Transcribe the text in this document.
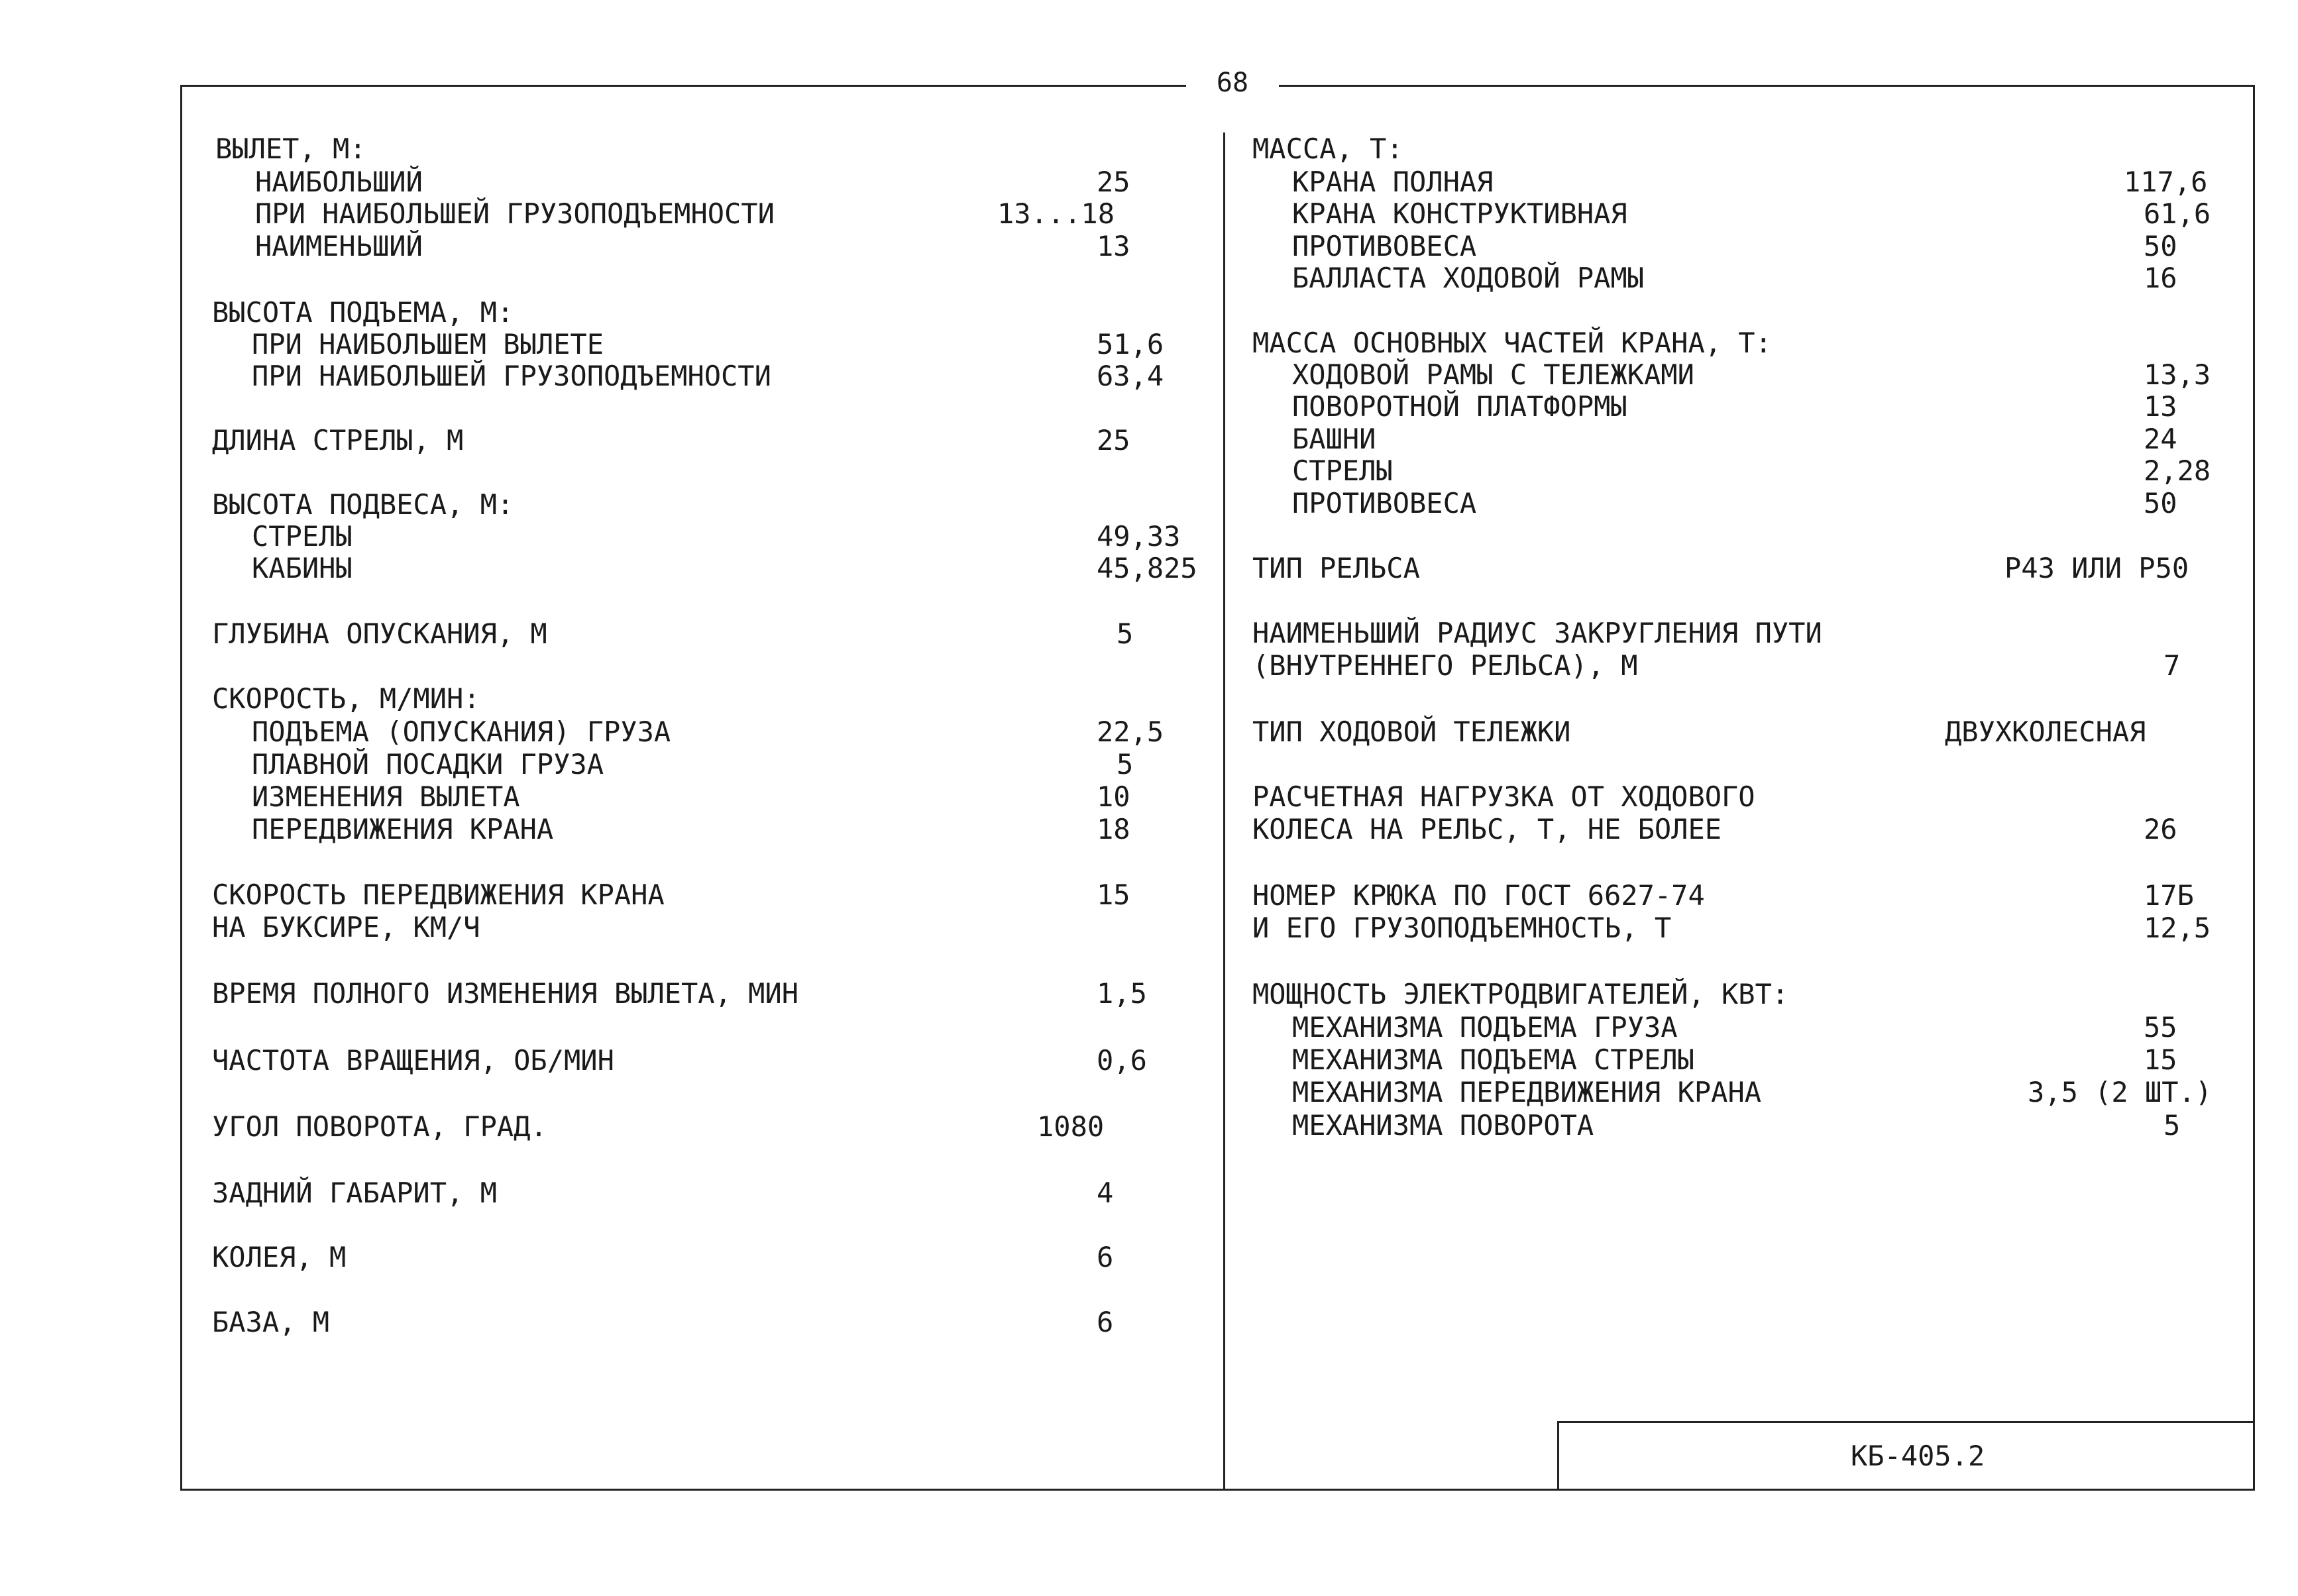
68
ВЫЛЕТ, М:
НАИБОЛЬШИЙ	25
ПРИ НАИБОЛЬШЕЙ ГРУЗОПОДЪЕМНОСТИ	13...18
НАИМЕНЬШИЙ	13
ВЫСОТА ПОДЪЕМА, М:
ПРИ НАИБОЛЬШЕМ ВЫЛЕТЕ	51,6
ПРИ НАИБОЛЬШЕЙ ГРУЗОПОДЪЕМНОСТИ	63,4
ДЛИНА СТРЕЛЫ, М	25
ВЫСОТА ПОДВЕСА, М:
СТРЕЛЫ	49,33
КАБИНЫ	45,825
ГЛУБИНА ОПУСКАНИЯ, М	5
СКОРОСТЬ, М/МИН:
ПОДЪЕМА (ОПУСКАНИЯ) ГРУЗА	22,5
ПЛАВНОЙ ПОСАДКИ ГРУЗА	5
ИЗМЕНЕНИЯ ВЫЛЕТА	10
ПЕРЕДВИЖЕНИЯ КРАНА	18
СКОРОСТЬ ПЕРЕДВИЖЕНИЯ КРАНА	15
НА БУКСИРЕ, КМ/Ч
ВРЕМЯ ПОЛНОГО ИЗМЕНЕНИЯ ВЫЛЕТА, МИН	1,5
ЧАСТОТА ВРАЩЕНИЯ, ОБ/МИН	0,6
УГОЛ ПОВОРОТА, ГРАД.	1080
ЗАДНИЙ ГАБАРИТ, М	4
КОЛЕЯ, М	6
БАЗА, М	6
МАССА, Т:
КРАНА ПОЛНАЯ	117,6
КРАНА КОНСТРУКТИВНАЯ	61,6
ПРОТИВОВЕСА	50
БАЛЛАСТА ХОДОВОЙ РАМЫ	16
МАССА ОСНОВНЫХ ЧАСТЕЙ КРАНА, Т:
ХОДОВОЙ РАМЫ С ТЕЛЕЖКАМИ	13,3
ПОВОРОТНОЙ ПЛАТФОРМЫ	13
БАШНИ	24
СТРЕЛЫ	2,28
ПРОТИВОВЕСА	50
ТИП РЕЛЬСА	Р43 ИЛИ Р50
НАИМЕНЬШИЙ РАДИУС ЗАКРУГЛЕНИЯ ПУТИ
(ВНУТРЕННЕГО РЕЛЬСА), М	7
ТИП ХОДОВОЙ ТЕЛЕЖКИ	ДВУХКОЛЕСНАЯ
РАСЧЕТНАЯ НАГРУЗКА ОТ ХОДОВОГО
КОЛЕСА НА РЕЛЬС, Т, НЕ БОЛЕЕ	26
НОМЕР КРЮКА ПО ГОСТ 6627-74	17Б
И ЕГО ГРУЗОПОДЪЕМНОСТЬ, Т	12,5
МОЩНОСТЬ ЭЛЕКТРОДВИГАТЕЛЕЙ, КВТ:
МЕХАНИЗМА ПОДЪЕМА ГРУЗА	55
МЕХАНИЗМА ПОДЪЕМА СТРЕЛЫ	15
МЕХАНИЗМА ПЕРЕДВИЖЕНИЯ КРАНА	3,5 (2 ШТ.)
МЕХАНИЗМА ПОВОРОТА	5
КБ-405.2
